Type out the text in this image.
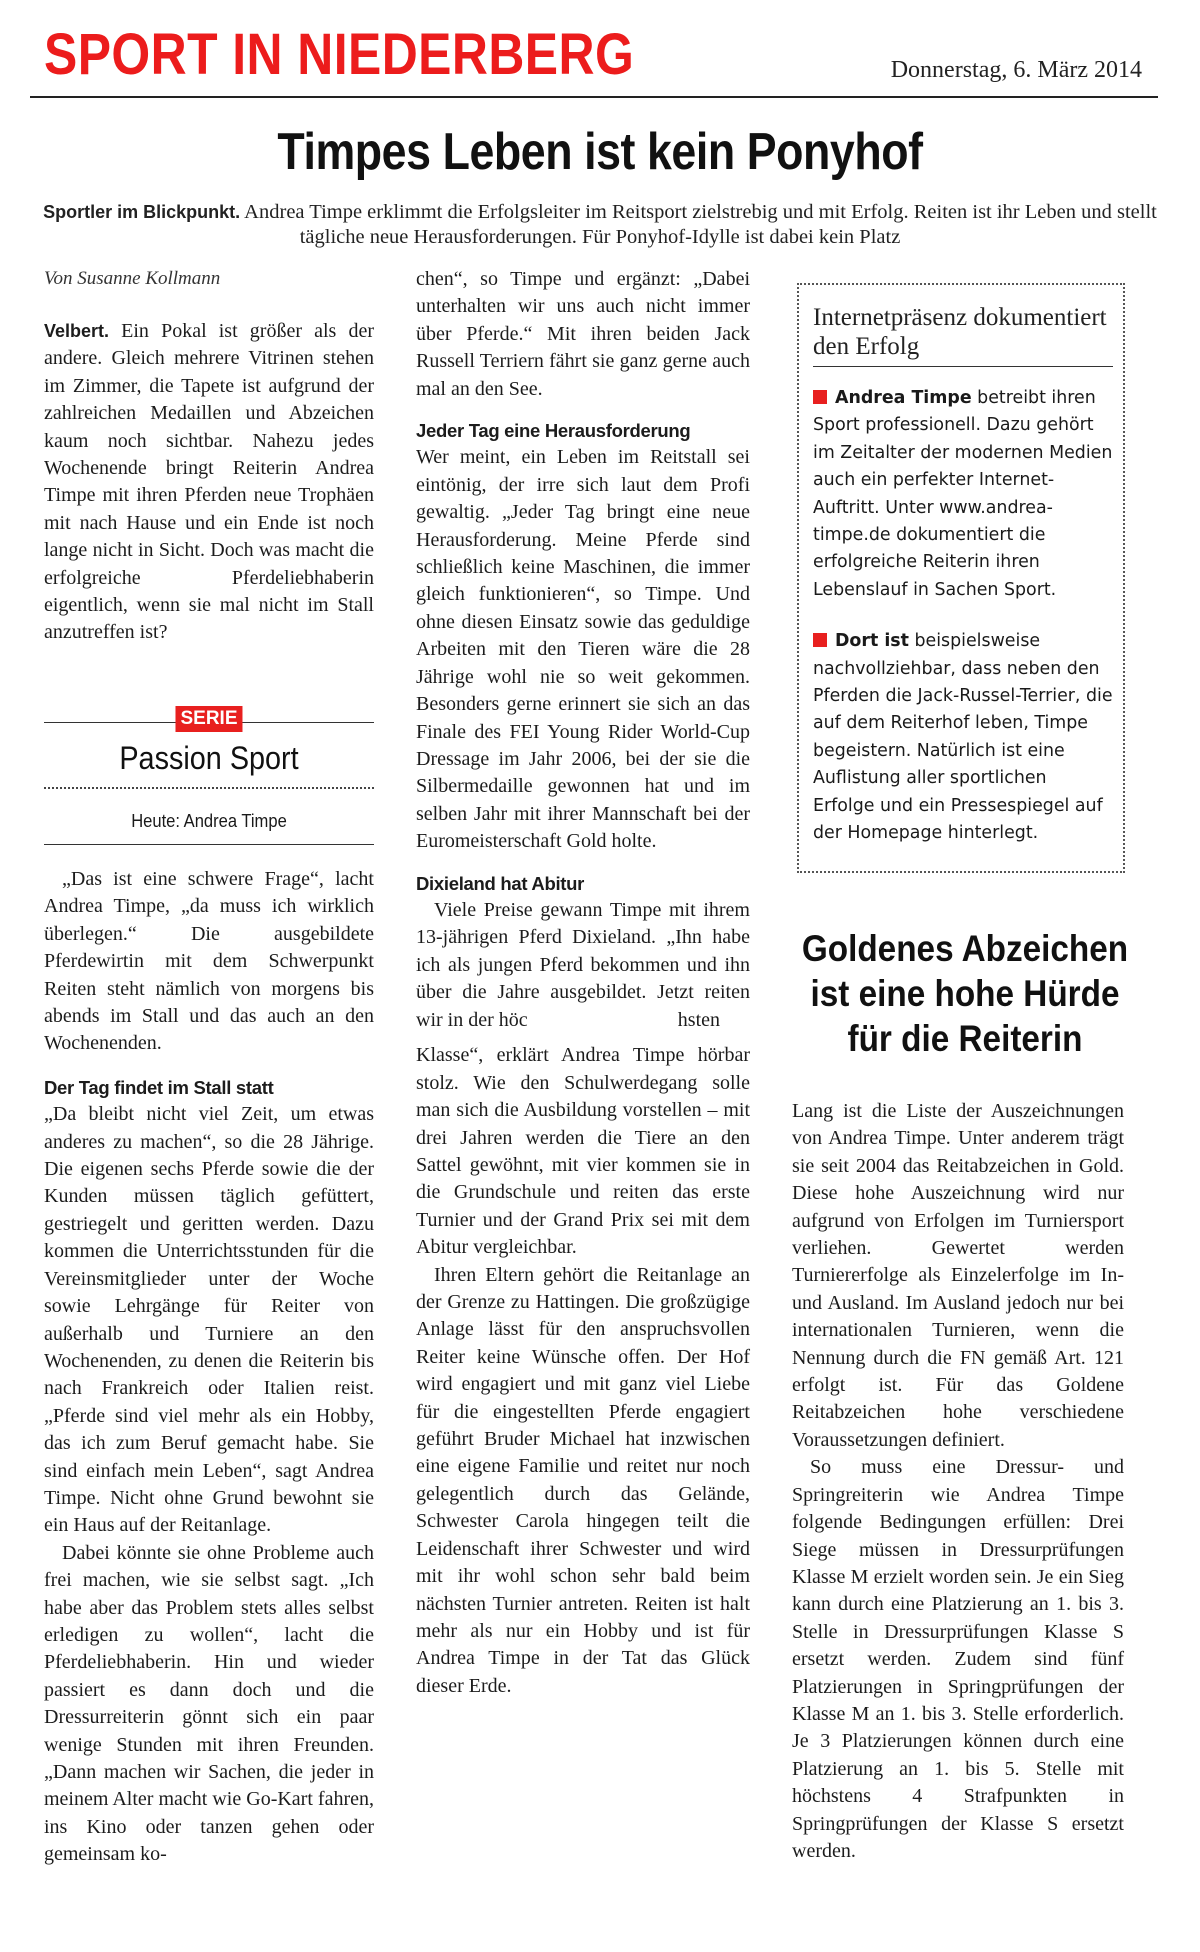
SPORT IN NIEDERBERG	Donnerstag, 6. März 2014
Timpes Leben ist kein Ponyhof
Sportler im Blickpunkt. Andrea Timpe erklimmt die Erfolgsleiter im Reitsport zielstrebig und mit Erfolg. Reiten ist ihr Leben und stellt tägliche neue Herausforderungen. Für Ponyhof-Idylle ist dabei kein Platz
Von Susanne Kollmann

Velbert. Ein Pokal ist größer als der andere. Gleich mehrere Vitrinen stehen im Zimmer, die Tapete ist aufgrund der zahlreichen Medaillen und Abzeichen kaum noch sichtbar. Nahezu jedes Wochenende bringt Reiterin Andrea Timpe mit ihren Pferden neue Trophäen mit nach Hause und ein Ende ist noch lange nicht in Sicht. Doch was macht die erfolgreiche Pferdeliebhaberin eigentlich, wenn sie mal nicht im Stall anzutreffen ist?

SERIE
Passion Sport
Heute: Andrea Timpe

„Das ist eine schwere Frage“, lacht Andrea Timpe, „da muss ich wirklich überlegen.“ Die ausgebildete Pferdewirtin mit dem Schwerpunkt Reiten steht nämlich von morgens bis abends im Stall und das auch an den Wochenenden.

Der Tag findet im Stall statt

„Da bleibt nicht viel Zeit, um etwas anderes zu machen“, so die 28 Jährige. Die eigenen sechs Pferde sowie die der Kunden müssen täglich gefüttert, gestriegelt und geritten werden. Dazu kommen die Unterrichtsstunden für die Vereinsmitglieder unter der Woche sowie Lehrgänge für Reiter von außerhalb und Turniere an den Wochenenden, zu denen die Reiterin bis nach Frankreich oder Italien reist. „Pferde sind viel mehr als ein Hobby, das ich zum Beruf gemacht habe. Sie sind einfach mein Leben“, sagt Andrea Timpe. Nicht ohne Grund bewohnt sie ein Haus auf der Reitanlage.

Dabei könnte sie ohne Probleme auch frei machen, wie sie selbst sagt. „Ich habe aber das Problem stets alles selbst erledigen zu wollen“, lacht die Pferdeliebhaberin. Hin und wieder passiert es dann doch und die Dressurreiterin gönnt sich ein paar wenige Stunden mit ihren Freunden. „Dann machen wir Sachen, die jeder in meinem Alter macht wie Go-Kart fahren, ins Kino oder tanzen gehen oder gemeinsam ko-

chen“, so Timpe und ergänzt: „Dabei unterhalten wir uns auch nicht immer über Pferde.“ Mit ihren beiden Jack Russell Terriern fährt sie ganz gerne auch mal an den See.

Jeder Tag eine Herausforderung

Wer meint, ein Leben im Reitstall sei eintönig, der irre sich laut dem Profi gewaltig. „Jeder Tag bringt eine neue Herausforderung. Meine Pferde sind schließlich keine Maschinen, die immer gleich funktionieren“, so Timpe. Und ohne diesen Einsatz sowie das geduldige Arbeiten mit den Tieren wäre die 28 Jährige wohl nie so weit gekommen. Besonders gerne erinnert sie sich an das Finale des FEI Young Rider World-Cup Dressage im Jahr 2006, bei der sie die Silbermedaille gewonnen hat und im selben Jahr mit ihrer Mannschaft bei der Euromeisterschaft Gold holte.

Dixieland hat Abitur

Viele Preise gewann Timpe mit ihrem 13-jährigen Pferd Dixieland. „Ihn habe ich als jungen Pferd bekommen und ihn über die Jahre ausgebildet. Jetzt reiten wir in der höc	hsten

Klasse“, erklärt Andrea Timpe hörbar stolz. Wie den Schulwerdegang solle man sich die Ausbildung vorstellen – mit drei Jahren werden die Tiere an den Sattel gewöhnt, mit vier kommen sie in die Grundschule und reiten das erste Turnier und der Grand Prix sei mit dem Abitur vergleichbar.

Ihren Eltern gehört die Reitanlage an der Grenze zu Hattingen. Die großzügige Anlage lässt für den anspruchsvollen Reiter keine Wünsche offen. Der Hof wird engagiert und mit ganz viel Liebe für die eingestellten Pferde engagiert geführt Bruder Michael hat inzwischen eine eigene Familie und reitet nur noch gelegentlich durch das Gelände, Schwester Carola hingegen teilt die Leidenschaft ihrer Schwester und wird mit ihr wohl schon sehr bald beim nächsten Turnier antreten. Reiten ist halt mehr als nur ein Hobby und ist für Andrea Timpe in der Tat das Glück dieser Erde.

Internetpräsenz dokumentiert den Erfolg

Andrea Timpe betreibt ihren Sport professionell. Dazu gehört im Zeitalter der modernen Medien auch ein perfekter Internet-Auftritt. Unter www.andrea-timpe.de dokumentiert die erfolgreiche Reiterin ihren Lebenslauf in Sachen Sport.

Dort ist beispielsweise nachvollziehbar, dass neben den Pferden die Jack-Russel-Terrier, die auf dem Reiterhof leben, Timpe begeistern. Natürlich ist eine Auflistung aller sportlichen Erfolge und ein Pressespiegel auf der Homepage hinterlegt.

Goldenes Abzeichen ist eine hohe Hürde für die Reiterin

Lang ist die Liste der Auszeichnungen von Andrea Timpe. Unter anderem trägt sie seit 2004 das Reitabzeichen in Gold. Diese hohe Auszeichnung wird nur aufgrund von Erfolgen im Turniersport verliehen. Gewertet werden Turniererfolge als Einzelerfolge im In- und Ausland. Im Ausland jedoch nur bei internationalen Turnieren, wenn die Nennung durch die FN gemäß Art. 121 erfolgt ist. Für das Goldene Reitabzeichen hohe verschiedene Voraussetzungen definiert.

So muss eine Dressur- und Springreiterin wie Andrea Timpe folgende Bedingungen erfüllen: Drei Siege müssen in Dressurprüfungen Klasse M erzielt worden sein. Je ein Sieg kann durch eine Platzierung an 1. bis 3. Stelle in Dressurprüfungen Klasse S ersetzt werden. Zudem sind fünf Platzierungen in Springprüfungen der Klasse M an 1. bis 3. Stelle erforderlich. Je 3 Platzierungen können durch eine Platzierung an 1. bis 5. Stelle mit höchstens 4 Strafpunkten in Springprüfungen der Klasse S ersetzt werden.
